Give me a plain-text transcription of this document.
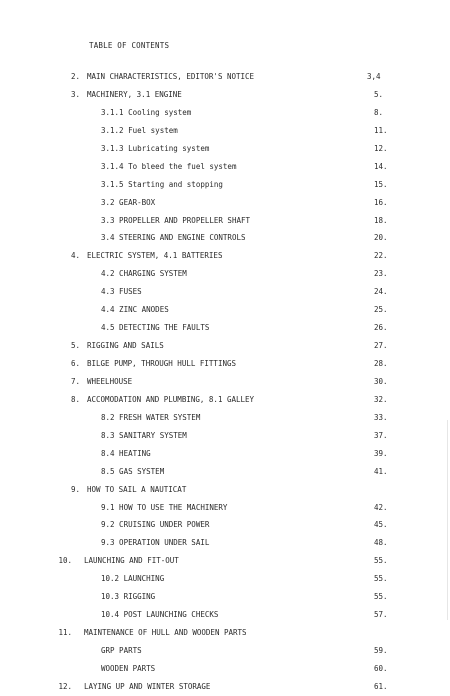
TABLE OF CONTENTS
2. MAIN CHARACTERISTICS, EDITOR'S NOTICE	3,4
3. MACHINERY, 3.1 ENGINE	5.
3.1.1 Cooling system	8.
3.1.2 Fuel system	11.
3.1.3 Lubricating system	12.
3.1.4 To bleed the fuel system	14.
3.1.5 Starting and stopping	15.
3.2 GEAR-BOX	16.
3.3 PROPELLER AND PROPELLER SHAFT	18.
3.4 STEERING AND ENGINE CONTROLS	20.
4. ELECTRIC SYSTEM, 4.1 BATTERIES	22.
4.2 CHARGING SYSTEM	23.
4.3 FUSES	24.
4.4 ZINC ANODES	25.
4.5 DETECTING THE FAULTS	26.
5. RIGGING AND SAILS	27.
6. BILGE PUMP, THROUGH HULL FITTINGS	28.
7. WHEELHOUSE	30.
8. ACCOMODATION AND PLUMBING, 8.1 GALLEY	32.
8.2 FRESH WATER SYSTEM	33.
8.3 SANITARY SYSTEM	37.
8.4 HEATING	39.
8.5 GAS SYSTEM	41.
9. HOW TO SAIL A NAUTICAT
9.1 HOW TO USE THE MACHINERY	42.
9.2 CRUISING UNDER POWER	45.
9.3 OPERATION UNDER SAIL	48.
10. LAUNCHING AND FIT-OUT	55.
10.2 LAUNCHING	55.
10.3 RIGGING	55.
10.4 POST LAUNCHING CHECKS	57.
11. MAINTENANCE OF HULL AND WOODEN PARTS
GRP PARTS	59.
WOODEN PARTS	60.
12. LAYING UP AND WINTER STORAGE	61.
